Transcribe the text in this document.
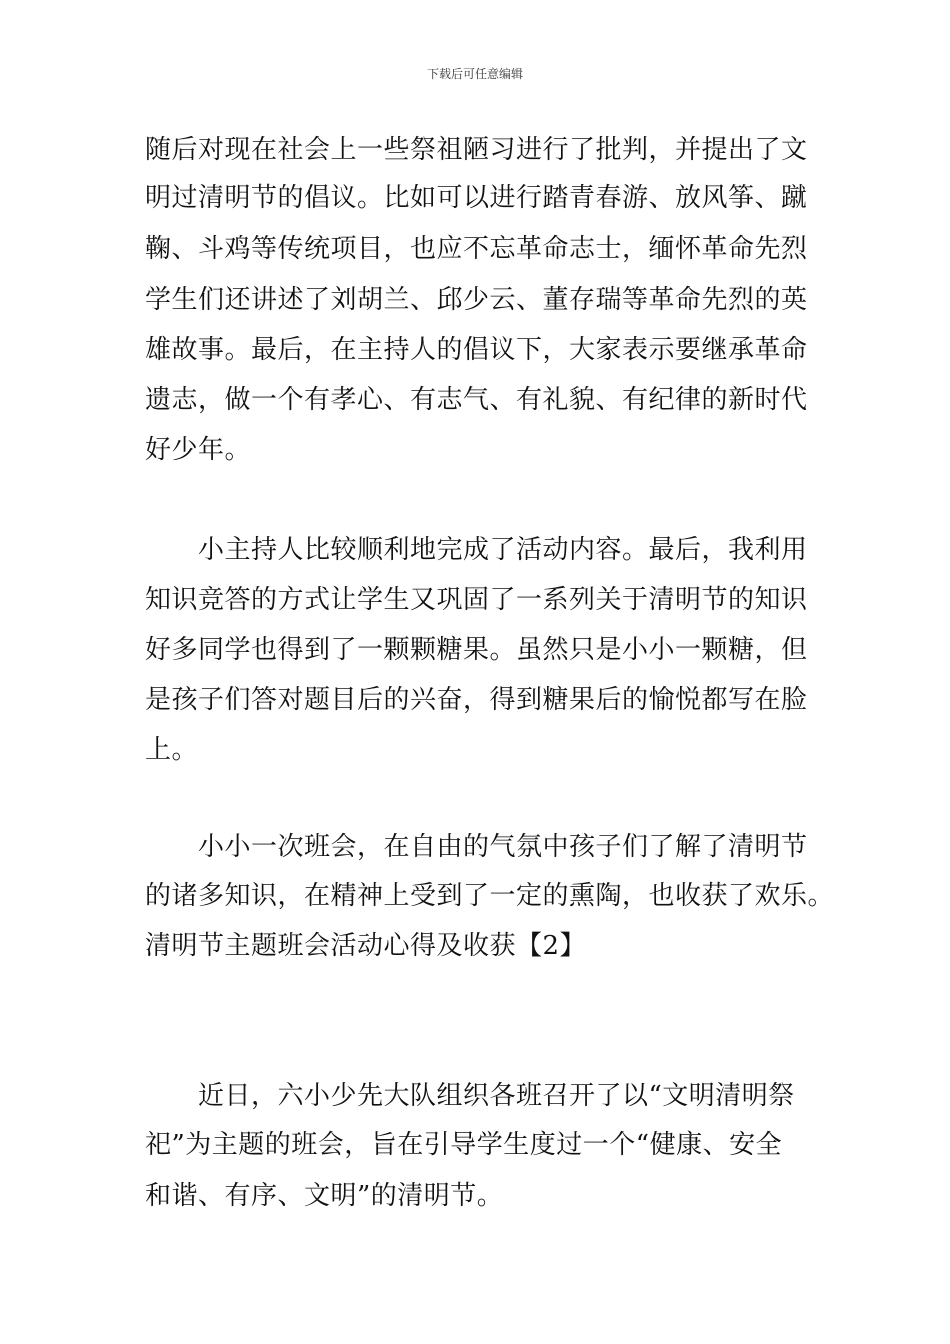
下载后可任意编辑
随后对现在社会上一些祭祖陋习进行了批判，并提出了文
明过清明节的倡议。比如可以进行踏青春游、放风筝、蹴
鞠、斗鸡等传统项目，也应不忘革命志士，缅怀革命先烈
学生们还讲述了刘胡兰、邱少云、董存瑞等革命先烈的英
雄故事。最后，在主持人的倡议下，大家表示要继承革命
遗志，做一个有孝心、有志气、有礼貌、有纪律的新时代
好少年。
小主持人比较顺利地完成了活动内容。最后，我利用
知识竞答的方式让学生又巩固了一系列关于清明节的知识
好多同学也得到了一颗颗糖果。虽然只是小小一颗糖，但
是孩子们答对题目后的兴奋，得到糖果后的愉悦都写在脸
上。
小小一次班会，在自由的气氛中孩子们了解了清明节
的诸多知识，在精神上受到了一定的熏陶，也收获了欢乐。
清明节主题班会活动心得及收获【2】
近日，六小少先大队组织各班召开了以“文明清明祭
祀”为主题的班会，旨在引导学生度过一个“健康、安全
和谐、有序、文明”的清明节。
